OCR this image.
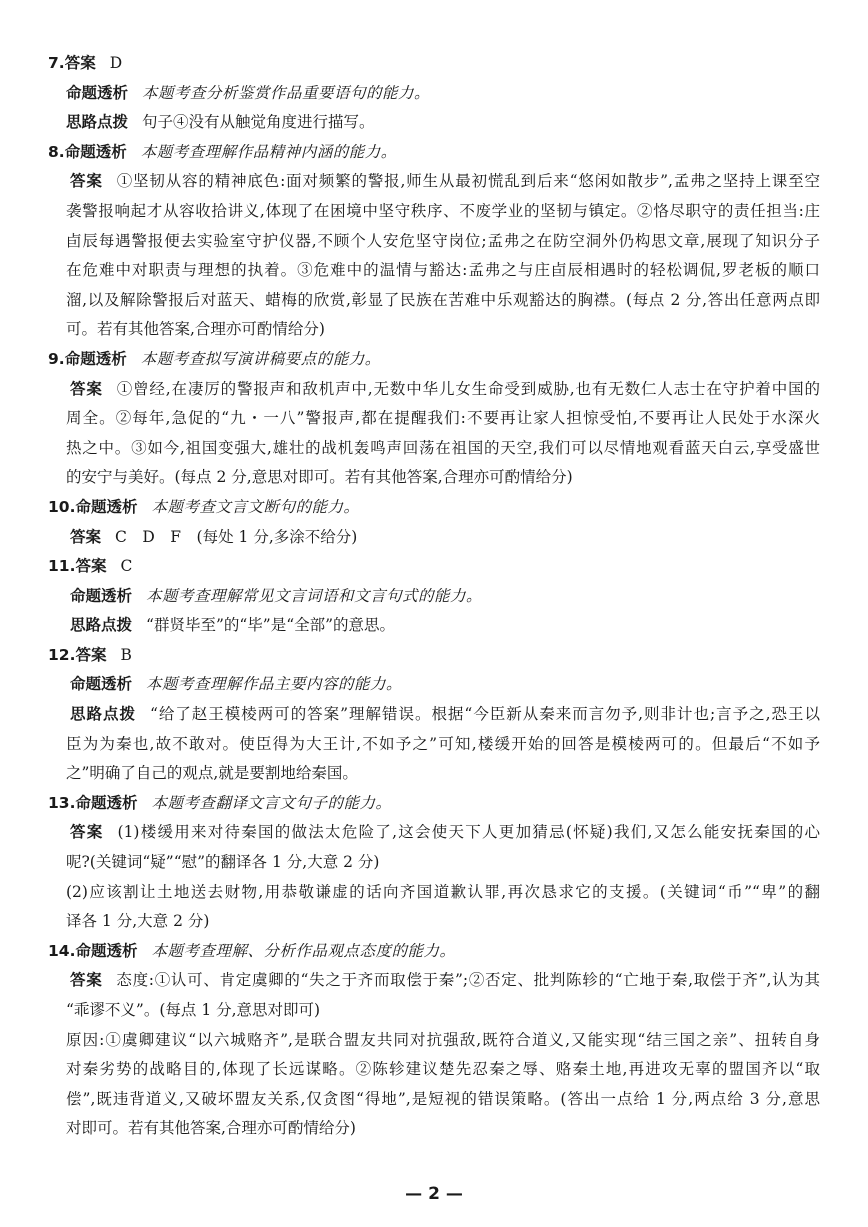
7.答案 D
命题透析 本题考查分析鉴赏作品重要语句的能力。
思路点拨 句子④没有从触觉角度进行描写。
8.命题透析 本题考查理解作品精神内涵的能力。
答案 ①坚韧从容的精神底色:面对频繁的警报,师生从最初慌乱到后来“悠闲如散步”,孟弗之坚持上课至空
袭警报响起才从容收拾讲义,体现了在困境中坚守秩序、不废学业的坚韧与镇定。②恪尽职守的责任担当:庄
卣辰每遇警报便去实验室守护仪器,不顾个人安危坚守岗位;孟弗之在防空洞外仍构思文章,展现了知识分子
在危难中对职责与理想的执着。③危难中的温情与豁达:孟弗之与庄卣辰相遇时的轻松调侃,罗老板的顺口
溜,以及解除警报后对蓝天、蜡梅的欣赏,彰显了民族在苦难中乐观豁达的胸襟。(每点 2 分,答出任意两点即
可。若有其他答案,合理亦可酌情给分)
9.命题透析 本题考查拟写演讲稿要点的能力。
答案 ①曾经,在凄厉的警报声和敌机声中,无数中华儿女生命受到威胁,也有无数仁人志士在守护着中国的
周全。②每年,急促的“九・一八”警报声,都在提醒我们:不要再让家人担惊受怕,不要再让人民处于水深火
热之中。③如今,祖国变强大,雄壮的战机轰鸣声回荡在祖国的天空,我们可以尽情地观看蓝天白云,享受盛世
的安宁与美好。(每点 2 分,意思对即可。若有其他答案,合理亦可酌情给分)
10.命题透析 本题考查文言文断句的能力。
答案 C　D　F　(每处 1 分,多涂不给分)
11.答案 C
命题透析 本题考查理解常见文言词语和文言句式的能力。
思路点拨 “群贤毕至”的“毕”是“全部”的意思。
12.答案 B
命题透析 本题考查理解作品主要内容的能力。
思路点拨 “给了赵王模棱两可的答案”理解错误。根据“今臣新从秦来而言勿予,则非计也;言予之,恐王以
臣为为秦也,故不敢对。使臣得为大王计,不如予之”可知,楼缓开始的回答是模棱两可的。但最后“不如予
之”明确了自己的观点,就是要割地给秦国。
13.命题透析 本题考查翻译文言文句子的能力。
答案 (1)楼缓用来对待秦国的做法太危险了,这会使天下人更加猜忌(怀疑)我们,又怎么能安抚秦国的心
呢?(关键词“疑”“慰”的翻译各 1 分,大意 2 分)
(2)应该割让土地送去财物,用恭敬谦虚的话向齐国道歉认罪,再次恳求它的支援。(关键词“币”“卑”的翻
译各 1 分,大意 2 分)
14.命题透析 本题考查理解、分析作品观点态度的能力。
答案 态度:①认可、肯定虞卿的“失之于齐而取偿于秦”;②否定、批判陈轸的“亡地于秦,取偿于齐”,认为其
“乖谬不义”。(每点 1 分,意思对即可)
原因:①虞卿建议“以六城赂齐”,是联合盟友共同对抗强敌,既符合道义,又能实现“结三国之亲”、扭转自身
对秦劣势的战略目的,体现了长远谋略。②陈轸建议楚先忍秦之辱、赂秦土地,再进攻无辜的盟国齐以“取
偿”,既违背道义,又破坏盟友关系,仅贪图“得地”,是短视的错误策略。(答出一点给 1 分,两点给 3 分,意思
对即可。若有其他答案,合理亦可酌情给分)
— 2 —
